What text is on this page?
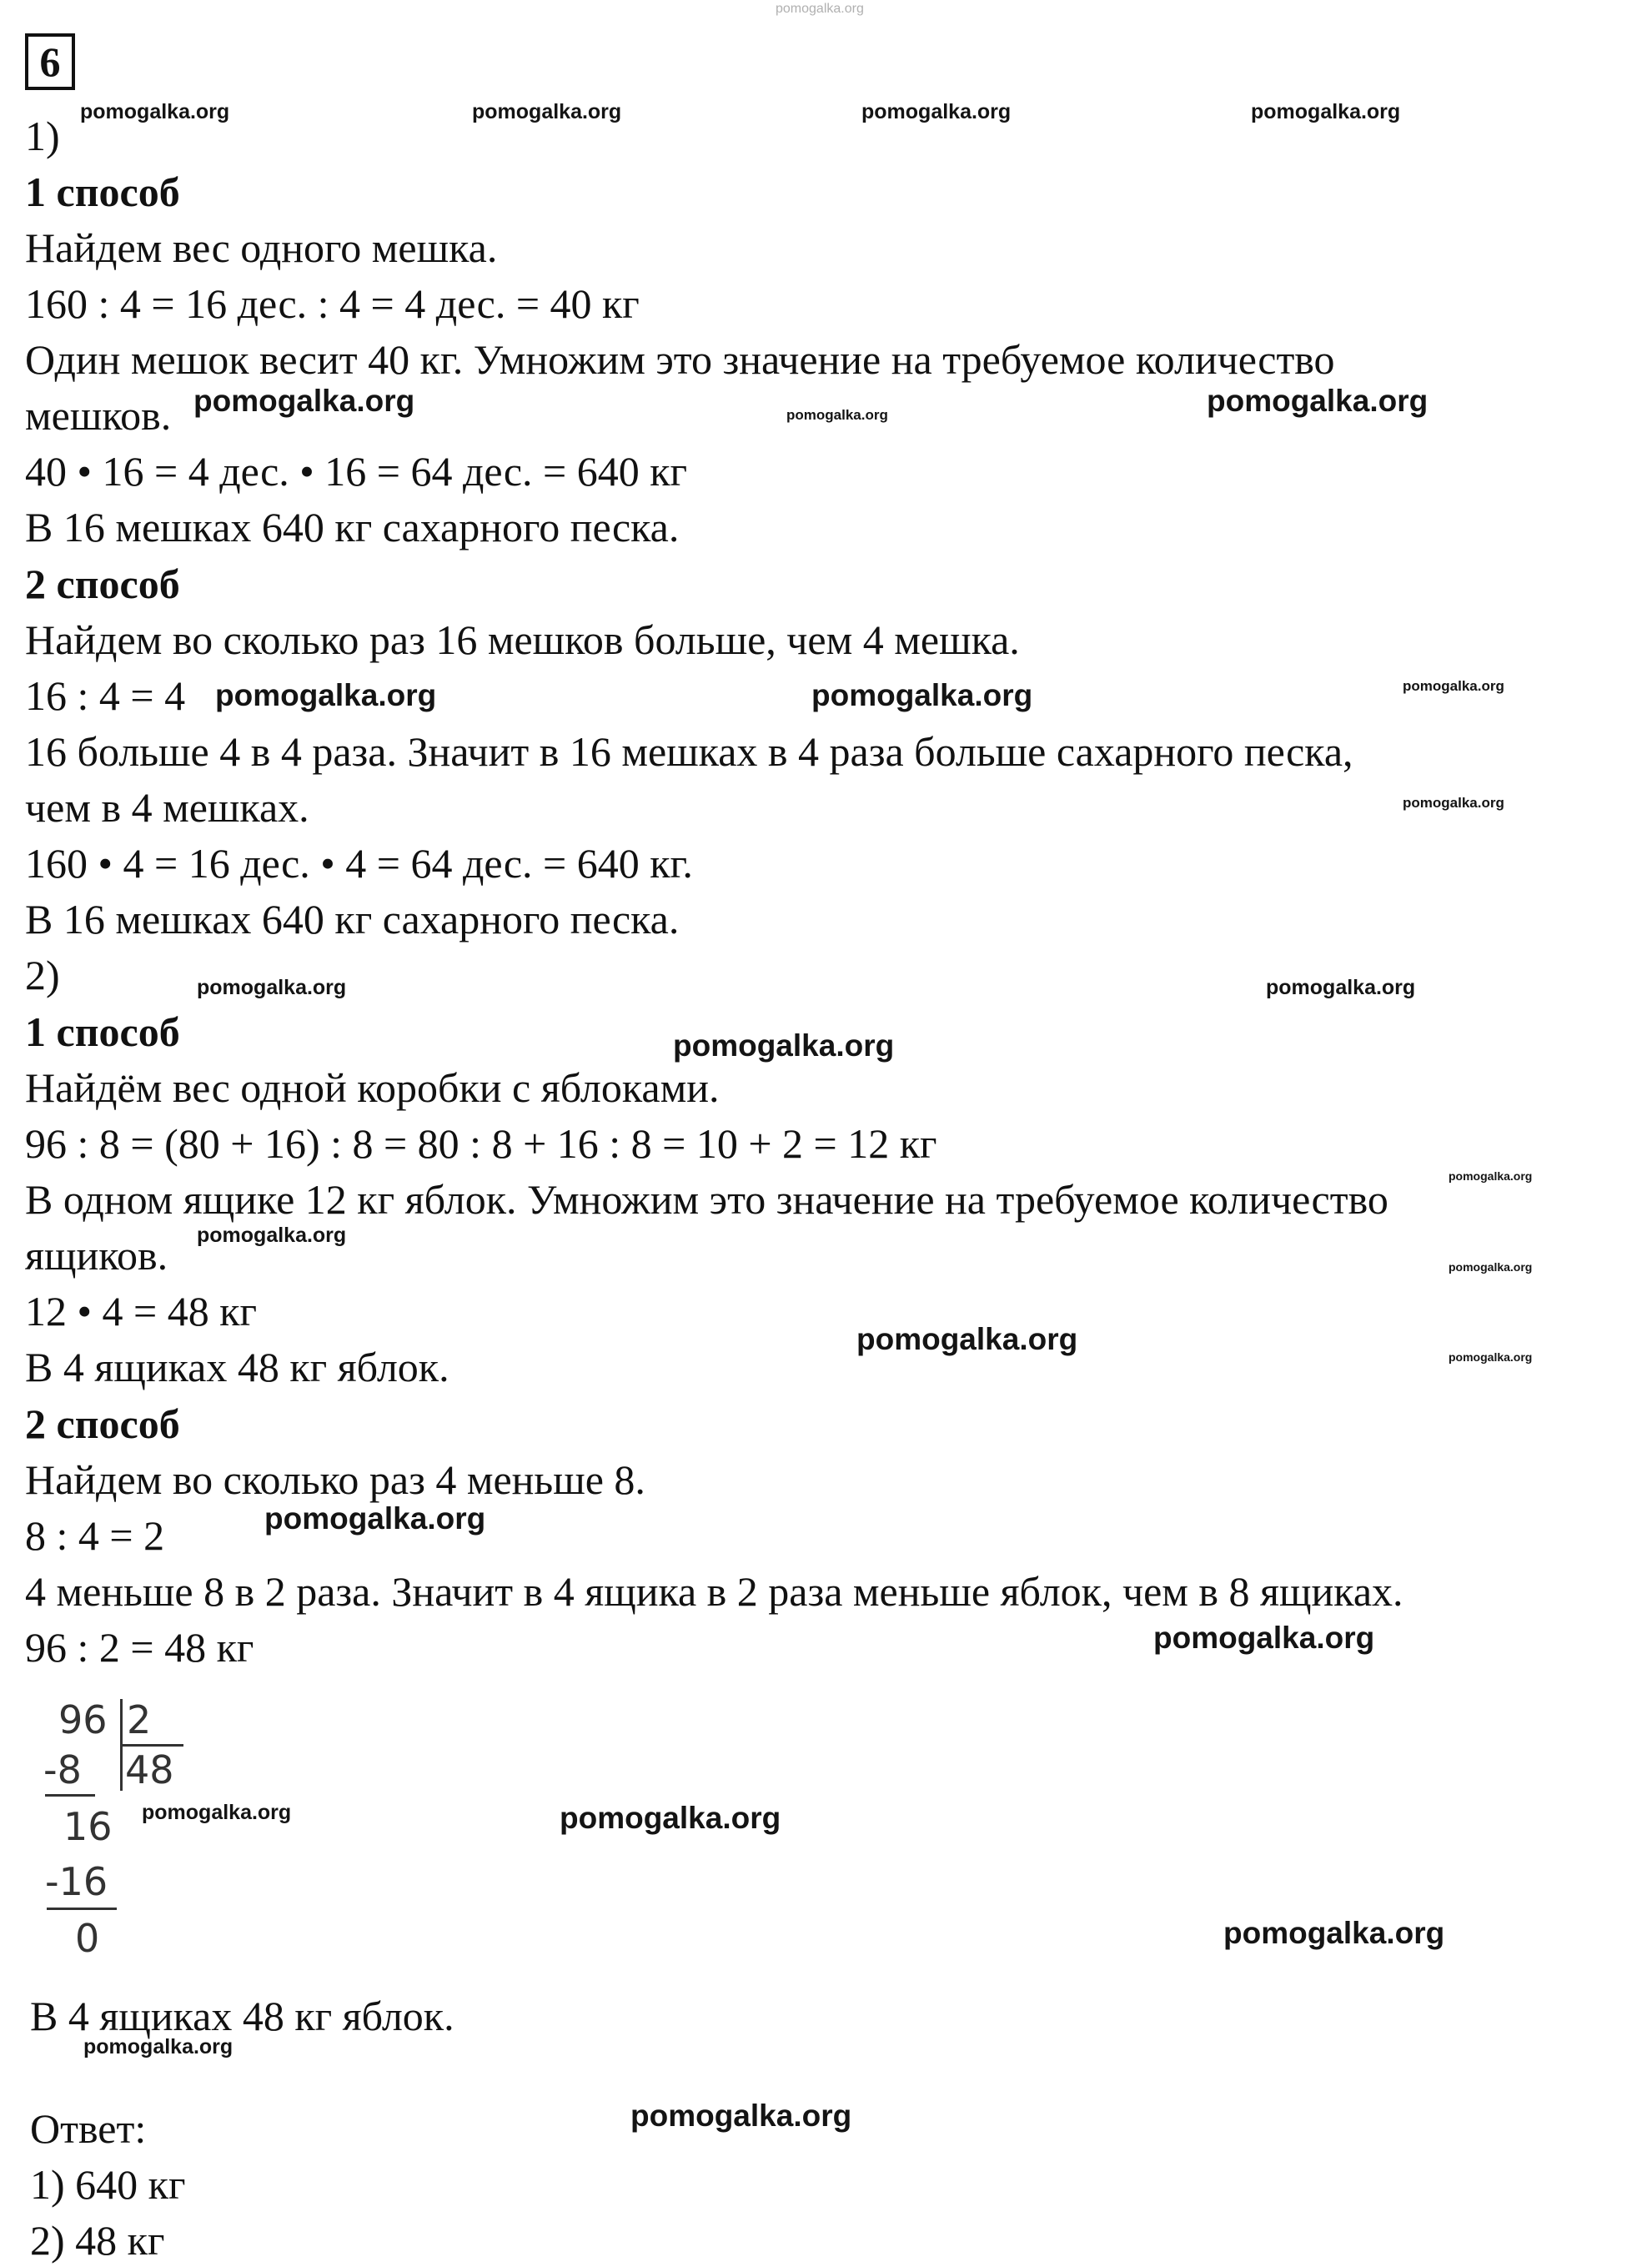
pomogalka.org
6
1)
1 способ
Найдем вес одного мешка.
160 : 4 = 16 дес. : 4 = 4 дес. = 40 кг
Один мешок весит 40 кг. Умножим это значение на требуемое количество
мешков.
40 • 16 = 4 дес. • 16 = 64 дес. = 640 кг
В 16 мешках 640 кг сахарного песка.
2 способ
Найдем во сколько раз 16 мешков больше, чем 4 мешка.
16 : 4 = 4
16 больше 4 в 4 раза. Значит в 16 мешках в 4 раза больше сахарного песка,
чем в 4 мешках.
160 • 4 = 16 дес. • 4 = 64 дес. = 640 кг.
В 16 мешках 640 кг сахарного песка.
2)
1 способ
Найдём вес одной коробки с яблоками.
96 : 8 = (80 + 16) : 8 = 80 : 8 + 16 : 8 = 10 + 2 = 12 кг
В одном ящике 12 кг яблок. Умножим это значение на требуемое количество
ящиков.
12 • 4 = 48 кг
В 4 ящиках 48 кг яблок.
2 способ
Найдем во сколько раз 4 меньше 8.
8 : 4 = 2
4 меньше 8 в 2 раза. Значит в 4 ящика в 2 раза меньше яблок, чем в 8 ящиках.
96 : 2 = 48 кг
96 2
48
-8
16
-16
0
В 4 ящиках 48 кг яблок.
Ответ:
1) 640 кг
2) 48 кг
pomogalka.org	pomogalka.org	pomogalka.org	pomogalka.org
pomogalka.org	pomogalka.org	pomogalka.org
pomogalka.org	pomogalka.org	pomogalka.org
pomogalka.org
pomogalka.org	pomogalka.org
pomogalka.org
pomogalka.org
pomogalka.org
pomogalka.org
pomogalka.org
pomogalka.org
pomogalka.org
pomogalka.org
pomogalka.org	pomogalka.org
pomogalka.org
pomogalka.org
pomogalka.org
